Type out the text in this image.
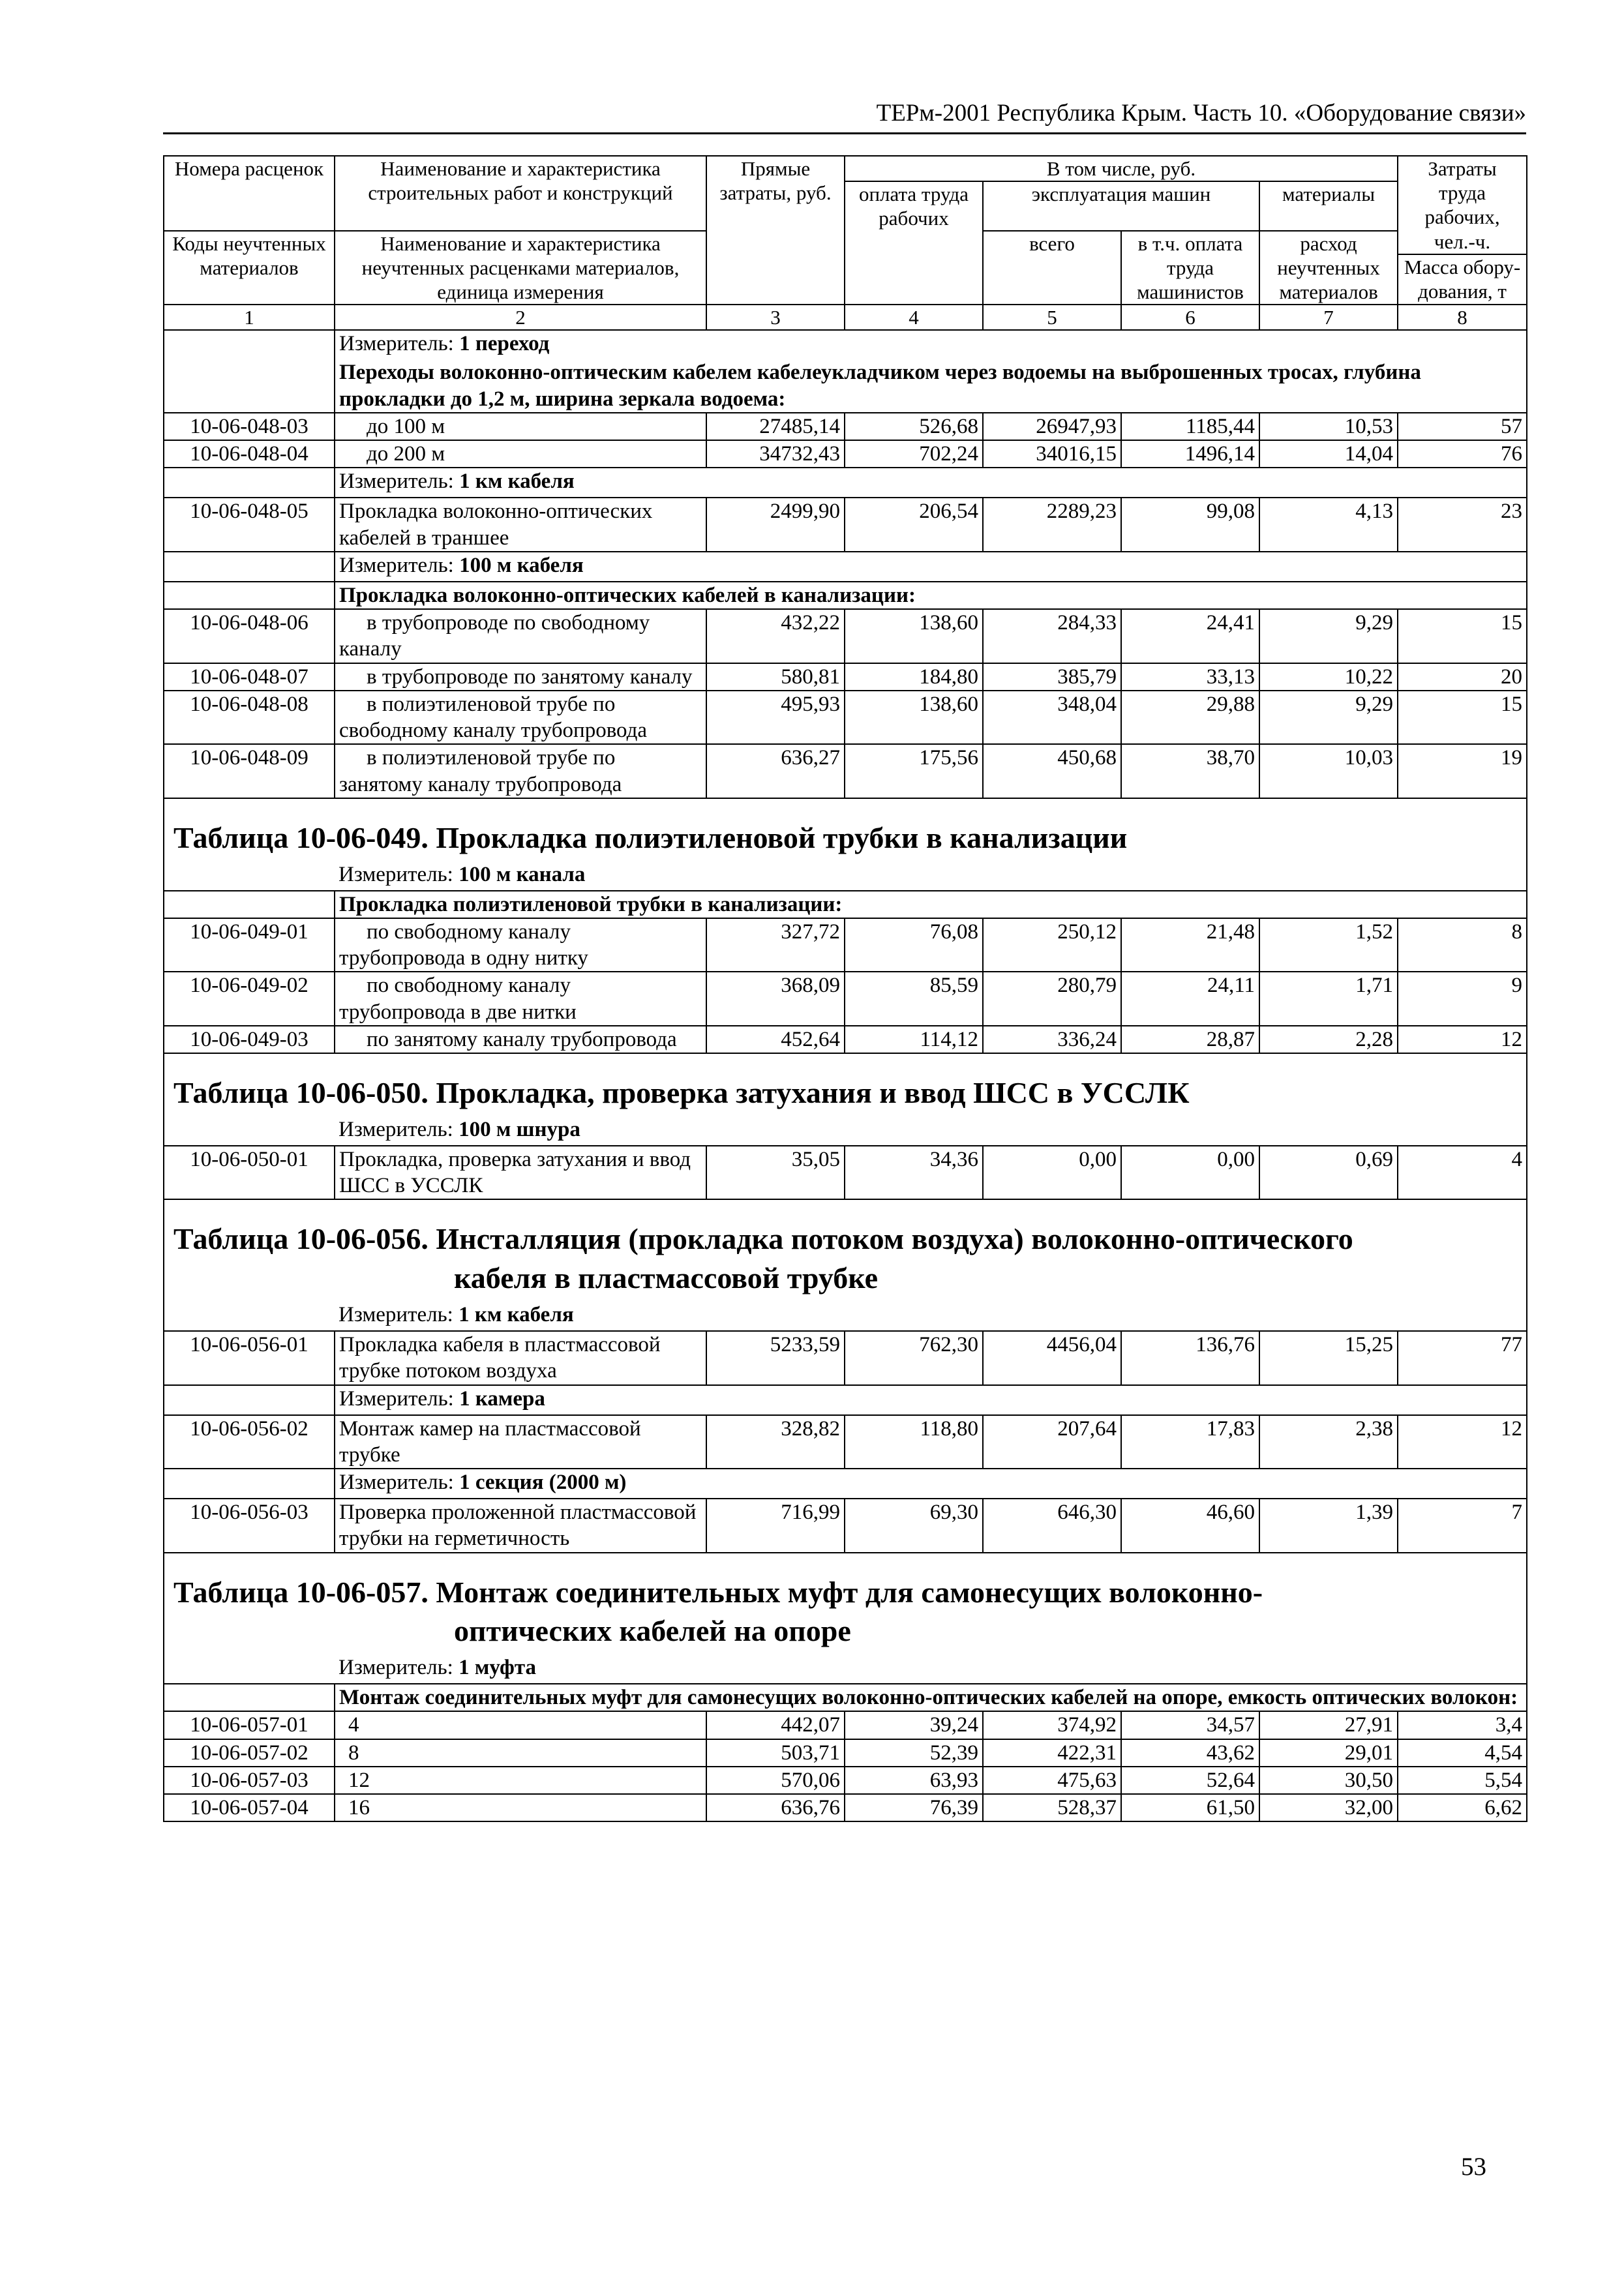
ТЕРм-2001 Республика Крым. Часть 10. «Оборудование связи»
Номера расценок	Наименование и характеристика строительных работ и конструкций	Прямые затраты, руб.	В том числе, руб.				Затраты труда рабочих, чел.-ч.
			оплата труда рабочих	эксплуатация машин		материалы	
Коды неучтенных материалов	Наименование и характеристика неучтенных расценками материалов, единица измерения			всего	в т.ч. оплата труда машинистов	расход неучтенных материалов	
							Масса обору-дования, т
1	2	3	4	5	6	7	8
	Измеритель: 1 переход						
	Переходы волоконно-оптическим кабелем кабелеукладчиком через водоемы на выброшенных тросах, глубина прокладки до 1,2 м, ширина зеркала водоема:						
10-06-048-03	до 100 м	27485,14	526,68	26947,93	1185,44	10,53	57
10-06-048-04	до 200 м	34732,43	702,24	34016,15	1496,14	14,04	76
	Измеритель: 1 км кабеля						
10-06-048-05	Прокладка волоконно-оптических кабелей в траншее	2499,90	206,54	2289,23	99,08	4,13	23
	Измеритель: 100 м кабеля						
	Прокладка волоконно-оптических кабелей в канализации:						
10-06-048-06	в трубопроводе по свободному каналу	432,22	138,60	284,33	24,41	9,29	15
10-06-048-07	в трубопроводе по занятому каналу	580,81	184,80	385,79	33,13	10,22	20
10-06-048-08	в полиэтиленовой трубе по свободному каналу трубопровода	495,93	138,60	348,04	29,88	9,29	15
10-06-048-09	в полиэтиленовой трубе по занятому каналу трубопровода	636,27	175,56	450,68	38,70	10,03	19
Таблица 10-06-049. Прокладка полиэтиленовой трубки в канализации							
	Измеритель: 100 м канала						
	Прокладка полиэтиленовой трубки в канализации:						
10-06-049-01	по свободному каналу трубопровода в одну нитку	327,72	76,08	250,12	21,48	1,52	8
10-06-049-02	по свободному каналу трубопровода в две нитки	368,09	85,59	280,79	24,11	1,71	9
10-06-049-03	по занятому каналу трубопровода	452,64	114,12	336,24	28,87	2,28	12
Таблица 10-06-050. Прокладка, проверка затухания и ввод ШСС в УССЛК							
	Измеритель: 100 м шнура						
10-06-050-01	Прокладка, проверка затухания и ввод ШСС в УССЛК	35,05	34,36	0,00	0,00	0,69	4
Таблица 10-06-056. Инсталляция (прокладка потоком воздуха) волоконно-оптического
кабеля в пластмассовой трубке							

	Измеритель: 1 км кабеля						
10-06-056-01	Прокладка кабеля в пластмассовой трубке потоком воздуха	5233,59	762,30	4456,04	136,76	15,25	77
	Измеритель: 1 камера						
10-06-056-02	Монтаж камер на пластмассовой трубке	328,82	118,80	207,64	17,83	2,38	12
	Измеритель: 1 секция (2000 м)						
10-06-056-03	Проверка проложенной пластмассовой трубки на герметичность	716,99	69,30	646,30	46,60	1,39	7
Таблица 10-06-057. Монтаж соединительных муфт для самонесущих волоконно-
оптических кабелей на опоре							

	Измеритель: 1 муфта						
	Монтаж соединительных муфт для самонесущих волоконно-оптических кабелей на опоре, емкость оптических волокон:						
10-06-057-01	4	442,07	39,24	374,92	34,57	27,91	3,4
10-06-057-02	8	503,71	52,39	422,31	43,62	29,01	4,54
10-06-057-03	12	570,06	63,93	475,63	52,64	30,50	5,54
10-06-057-04	16	636,76	76,39	528,37	61,50	32,00	6,62
53
